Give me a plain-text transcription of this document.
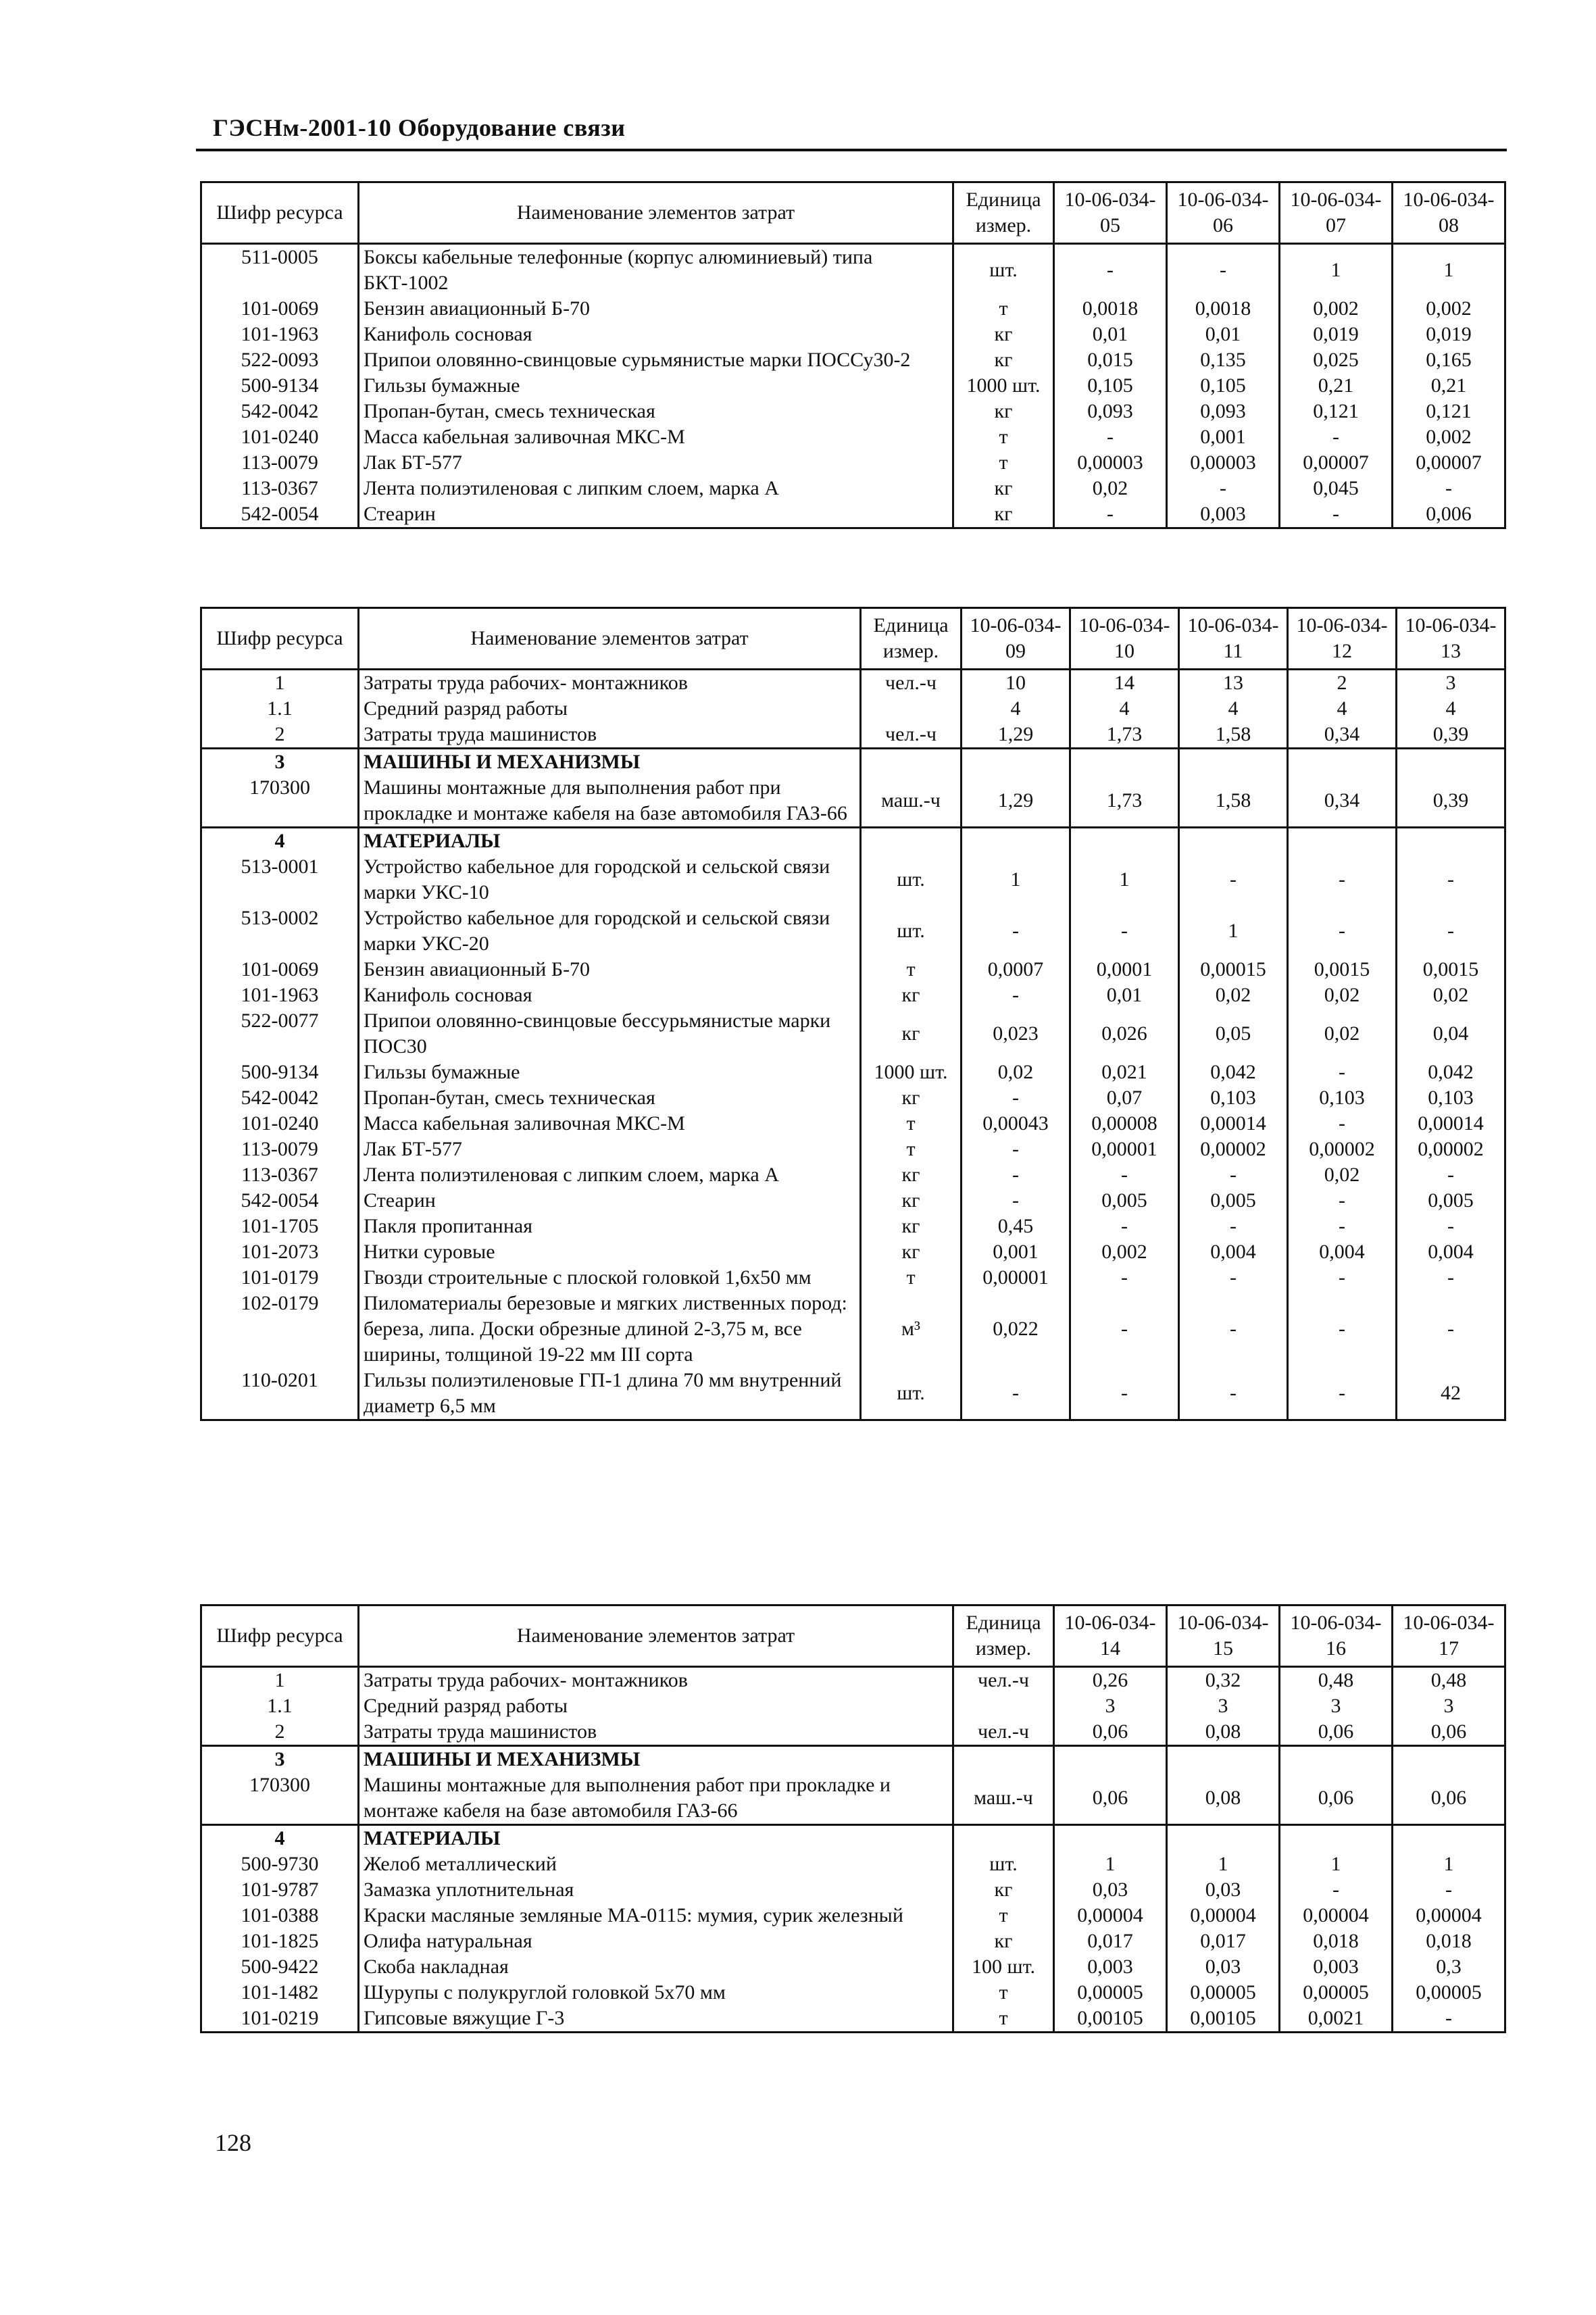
ГЭСНм-2001-10 Оборудование связи
Шифр ресурса	Наименование элементов затрат	Единица измер.	10-06-034-05	10-06-034-06	10-06-034-07	10-06-034-08
511-0005	Боксы кабельные телефонные (корпус алюминиевый) типа БКТ-1002	шт.	-	-	1	1
101-0069	Бензин авиационный Б-70	т	0,0018	0,0018	0,002	0,002
101-1963	Канифоль сосновая	кг	0,01	0,01	0,019	0,019
522-0093	Припои оловянно-свинцовые сурьмянистые марки ПОССу30-2	кг	0,015	0,135	0,025	0,165
500-9134	Гильзы бумажные	1000 шт.	0,105	0,105	0,21	0,21
542-0042	Пропан-бутан, смесь техническая	кг	0,093	0,093	0,121	0,121
101-0240	Масса кабельная заливочная МКС-М	т	-	0,001	-	0,002
113-0079	Лак БТ-577	т	0,00003	0,00003	0,00007	0,00007
113-0367	Лента полиэтиленовая с липким слоем, марка А	кг	0,02	-	0,045	-
542-0054	Стеарин	кг	-	0,003	-	0,006
Шифр ресурса	Наименование элементов затрат	Единица измер.	10-06-034-09	10-06-034-10	10-06-034-11	10-06-034-12	10-06-034-13
1	Затраты труда рабочих- монтажников	чел.-ч	10	14	13	2	3
1.1	Средний разряд работы		4	4	4	4	4
2	Затраты труда машинистов	чел.-ч	1,29	1,73	1,58	0,34	0,39
3	МАШИНЫ И МЕХАНИЗМЫ						
170300	Машины монтажные для выполнения работ при прокладке и монтаже кабеля на базе автомобиля ГАЗ-66	маш.-ч	1,29	1,73	1,58	0,34	0,39
4	МАТЕРИАЛЫ						
513-0001	Устройство кабельное для городской и сельской связи марки УКС-10	шт.	1	1	-	-	-
513-0002	Устройство кабельное для городской и сельской связи марки УКС-20	шт.	-	-	1	-	-
101-0069	Бензин авиационный Б-70	т	0,0007	0,0001	0,00015	0,0015	0,0015
101-1963	Канифоль сосновая	кг	-	0,01	0,02	0,02	0,02
522-0077	Припои оловянно-свинцовые бессурьмянистые марки ПОС30	кг	0,023	0,026	0,05	0,02	0,04
500-9134	Гильзы бумажные	1000 шт.	0,02	0,021	0,042	-	0,042
542-0042	Пропан-бутан, смесь техническая	кг	-	0,07	0,103	0,103	0,103
101-0240	Масса кабельная заливочная МКС-М	т	0,00043	0,00008	0,00014	-	0,00014
113-0079	Лак БТ-577	т	-	0,00001	0,00002	0,00002	0,00002
113-0367	Лента полиэтиленовая с липким слоем, марка А	кг	-	-	-	0,02	-
542-0054	Стеарин	кг	-	0,005	0,005	-	0,005
101-1705	Пакля пропитанная	кг	0,45	-	-	-	-
101-2073	Нитки суровые	кг	0,001	0,002	0,004	0,004	0,004
101-0179	Гвозди строительные с плоской головкой 1,6х50 мм	т	0,00001	-	-	-	-
102-0179	Пиломатериалы березовые и мягких лиственных пород: береза, липа. Доски обрезные длиной 2-3,75 м, все ширины, толщиной 19-22 мм III сорта	м³	0,022	-	-	-	-
110-0201	Гильзы полиэтиленовые ГП-1 длина 70 мм внутренний диаметр 6,5 мм	шт.	-	-	-	-	42
Шифр ресурса	Наименование элементов затрат	Единица измер.	10-06-034-14	10-06-034-15	10-06-034-16	10-06-034-17
1	Затраты труда рабочих- монтажников	чел.-ч	0,26	0,32	0,48	0,48
1.1	Средний разряд работы		3	3	3	3
2	Затраты труда машинистов	чел.-ч	0,06	0,08	0,06	0,06
3	МАШИНЫ И МЕХАНИЗМЫ					
170300	Машины монтажные для выполнения работ при прокладке и монтаже кабеля на базе автомобиля ГАЗ-66	маш.-ч	0,06	0,08	0,06	0,06
4	МАТЕРИАЛЫ					
500-9730	Желоб металлический	шт.	1	1	1	1
101-9787	Замазка уплотнительная	кг	0,03	0,03	-	-
101-0388	Краски масляные земляные МА-0115: мумия, сурик железный	т	0,00004	0,00004	0,00004	0,00004
101-1825	Олифа натуральная	кг	0,017	0,017	0,018	0,018
500-9422	Скоба накладная	100 шт.	0,003	0,03	0,003	0,3
101-1482	Шурупы с полукруглой головкой 5х70 мм	т	0,00005	0,00005	0,00005	0,00005
101-0219	Гипсовые вяжущие Г-3	т	0,00105	0,00105	0,0021	-
128
